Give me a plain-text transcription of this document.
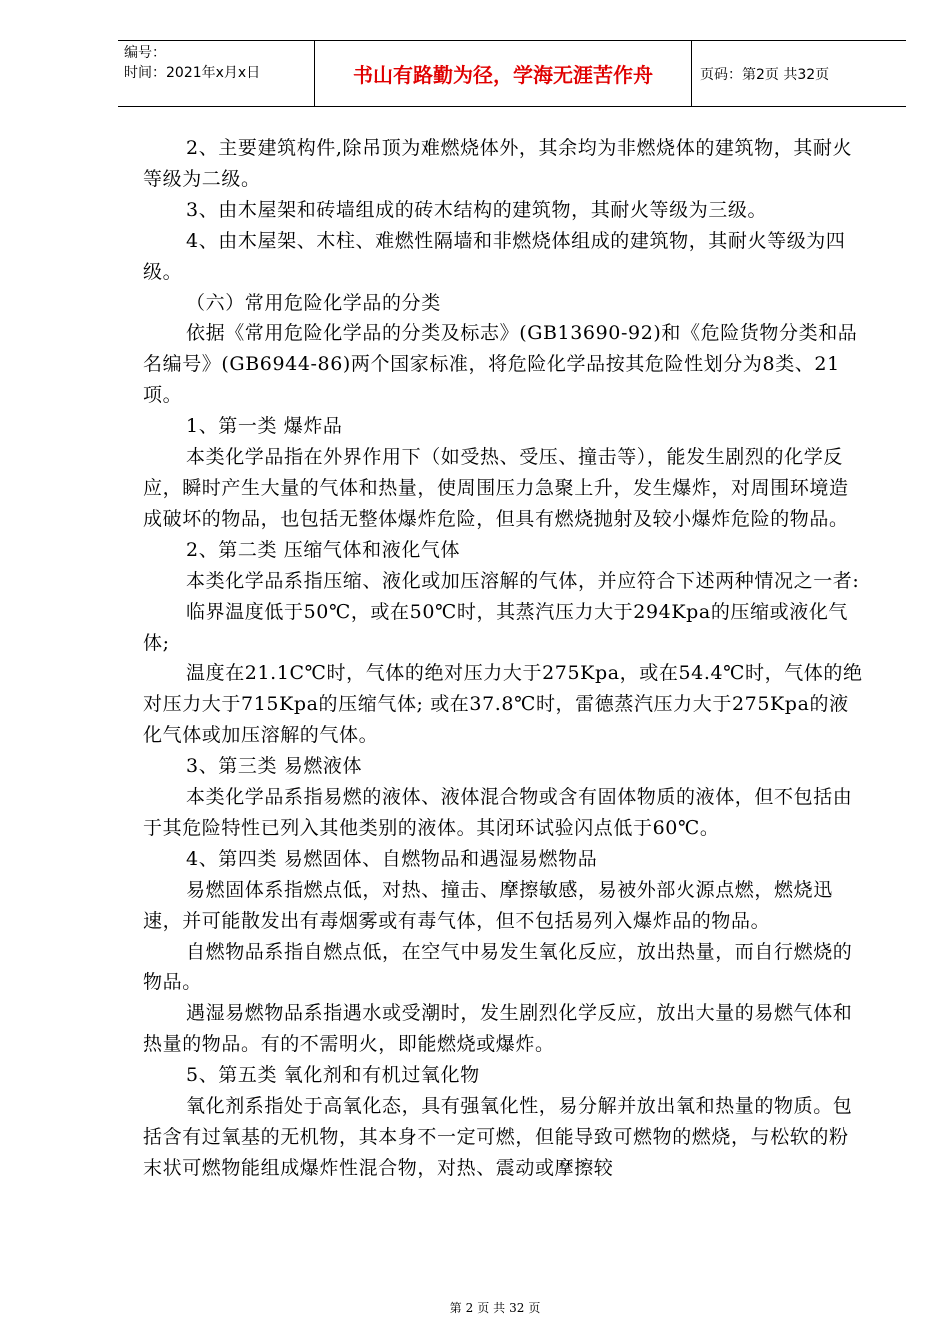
编号：
时间：2021年x月x日	书山有路勤为径，学海无涯苦作舟	页码：第2页 共32页

2、主要建筑构件,除吊顶为难燃烧体外，其余均为非燃烧体的建筑物，其耐火等级为二级。

3、由木屋架和砖墙组成的砖木结构的建筑物，其耐火等级为三级。

4、由木屋架、木柱、难燃性隔墙和非燃烧体组成的建筑物，其耐火等级为四级。

（六）常用危险化学品的分类

依据《常用危险化学品的分类及标志》(GB13690-92)和《危险货物分类和品名编号》(GB6944-86)两个国家标准，将危险化学品按其危险性划分为8类、21项。

1、第一类 爆炸品

本类化学品指在外界作用下（如受热、受压、撞击等），能发生剧烈的化学反应，瞬时产生大量的气体和热量，使周围压力急聚上升，发生爆炸，对周围环境造成破坏的物品，也包括无整体爆炸危险，但具有燃烧抛射及较小爆炸危险的物品。

2、第二类 压缩气体和液化气体

本类化学品系指压缩、液化或加压溶解的气体，并应符合下述两种情况之一者:

临界温度低于50℃，或在50℃时，其蒸汽压力大于294Kpa的压缩或液化气体;

温度在21.1C℃时，气体的绝对压力大于275Kpa，或在54.4℃时，气体的绝对压力大于715Kpa的压缩气体; 或在37.8℃时，雷德蒸汽压力大于275Kpa的液化气体或加压溶解的气体。

3、第三类 易燃液体

本类化学品系指易燃的液体、液体混合物或含有固体物质的液体，但不包括由于其危险特性已列入其他类别的液体。其闭环试验闪点低于60℃。

4、第四类 易燃固体、自燃物品和遇湿易燃物品

易燃固体系指燃点低，对热、撞击、摩擦敏感，易被外部火源点燃，燃烧迅速，并可能散发出有毒烟雾或有毒气体，但不包括易列入爆炸品的物品。

自燃物品系指自燃点低，在空气中易发生氧化反应，放出热量，而自行燃烧的物品。

遇湿易燃物品系指遇水或受潮时，发生剧烈化学反应，放出大量的易燃气体和热量的物品。有的不需明火，即能燃烧或爆炸。

5、第五类 氧化剂和有机过氧化物

氧化剂系指处于高氧化态，具有强氧化性，易分解并放出氧和热量的物质。包括含有过氧基的无机物，其本身不一定可燃，但能导致可燃物的燃烧，与松软的粉末状可燃物能组成爆炸性混合物，对热、震动或摩擦较

第 2 页 共 32 页
